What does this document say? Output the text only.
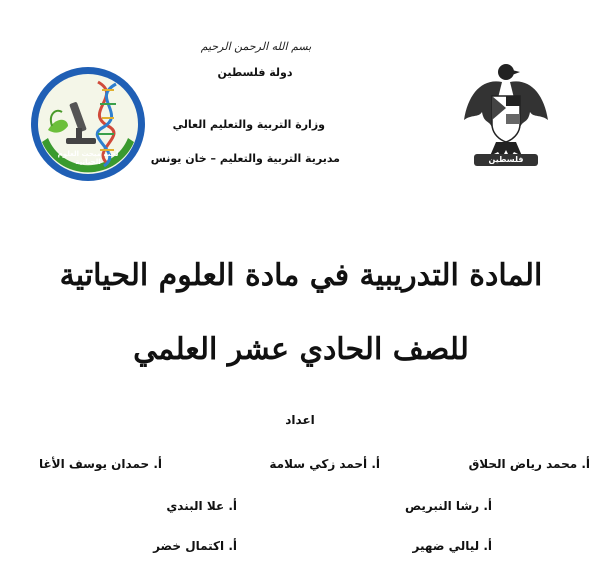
بسم الله الرحمن الرحيم
دولة فلسطين
وزارة التربية والتعليم العالي
مديرية التربية والتعليم – خان يونس
لجنة مبحث العلوم الحياتية	فلسطين
المادة التدريبية في مادة العلوم الحياتية
للصف الحادي عشر العلمي
اعداد
أ. محمد رياض الحلاق
أ. أحمد زكي سلامة
أ. حمدان يوسف الأغا
أ. رشا النبريص
أ. علا البندي
أ. ليالي ضهير
أ. اكتمال خضر
